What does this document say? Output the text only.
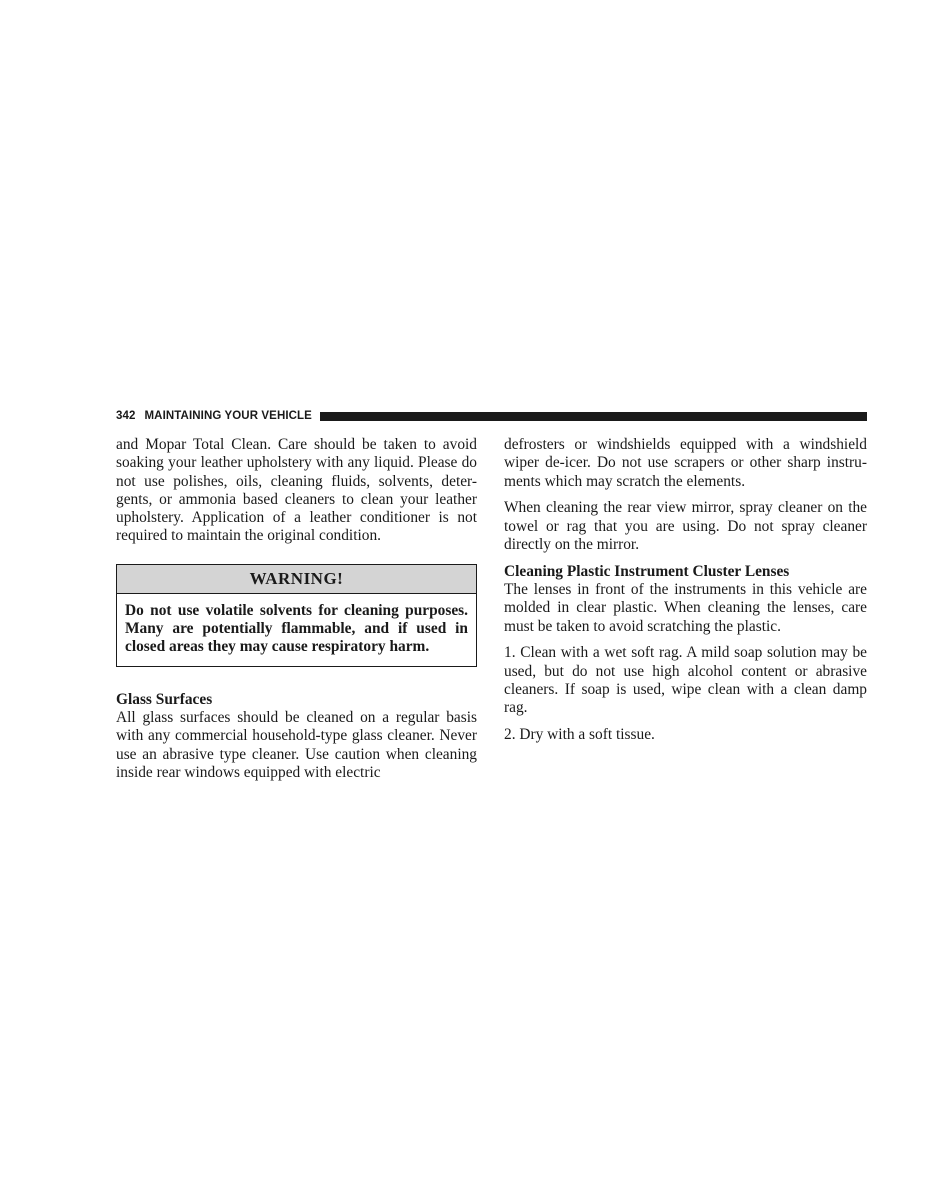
342 MAINTAINING YOUR VEHICLE

and Mopar Total Clean. Care should be taken to avoid soaking your leather upholstery with any liquid. Please do not use polishes, oils, cleaning fluids, solvents, deter-gents, or ammonia based cleaners to clean your leather upholstery. Application of a leather conditioner is not required to maintain the original condition.

WARNING!
Do not use volatile solvents for cleaning purposes. Many are potentially flammable, and if used in closed areas they may cause respiratory harm.

Glass Surfaces

All glass surfaces should be cleaned on a regular basis with any commercial household-type glass cleaner. Never use an abrasive type cleaner. Use caution when cleaning inside rear windows equipped with electric

defrosters or windshields equipped with a windshield wiper de-icer. Do not use scrapers or other sharp instru-ments which may scratch the elements.

When cleaning the rear view mirror, spray cleaner on the towel or rag that you are using. Do not spray cleaner directly on the mirror.

Cleaning Plastic Instrument Cluster Lenses

The lenses in front of the instruments in this vehicle are molded in clear plastic. When cleaning the lenses, care must be taken to avoid scratching the plastic.

1. Clean with a wet soft rag. A mild soap solution may be used, but do not use high alcohol content or abrasive cleaners. If soap is used, wipe clean with a clean damp rag.

2. Dry with a soft tissue.
